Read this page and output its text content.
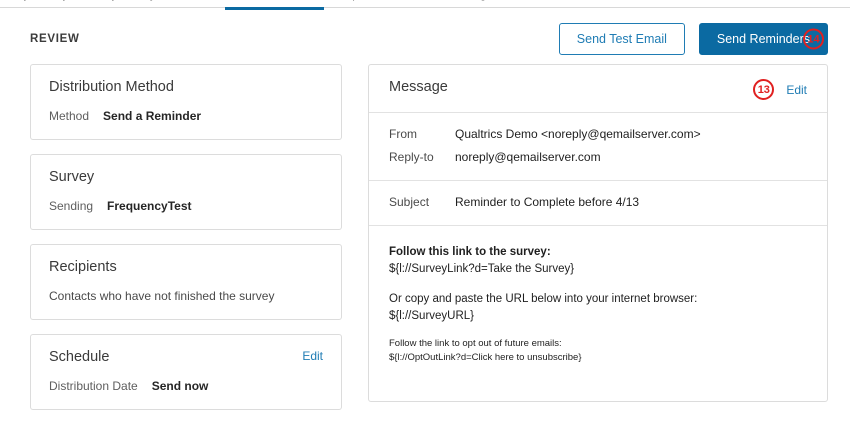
REVIEW	Send Test Email	Send Reminders
14
Distribution Method
Method Send a Reminder
Survey
Sending FrequencyTest
Recipients
Contacts who have not finished the survey
Schedule	Edit
Distribution Date Send now
Message	13	Edit
From	Qualtrics Demo <noreply@qemailserver.com>
Reply-to	noreply@qemailserver.com
Subject	Reminder to Complete before 4/13

Follow this link to the survey:
${l://SurveyLink?d=Take the Survey}

Or copy and paste the URL below into your internet browser:
${l://SurveyURL}

Follow the link to opt out of future emails:
${l://OptOutLink?d=Click here to unsubscribe}
